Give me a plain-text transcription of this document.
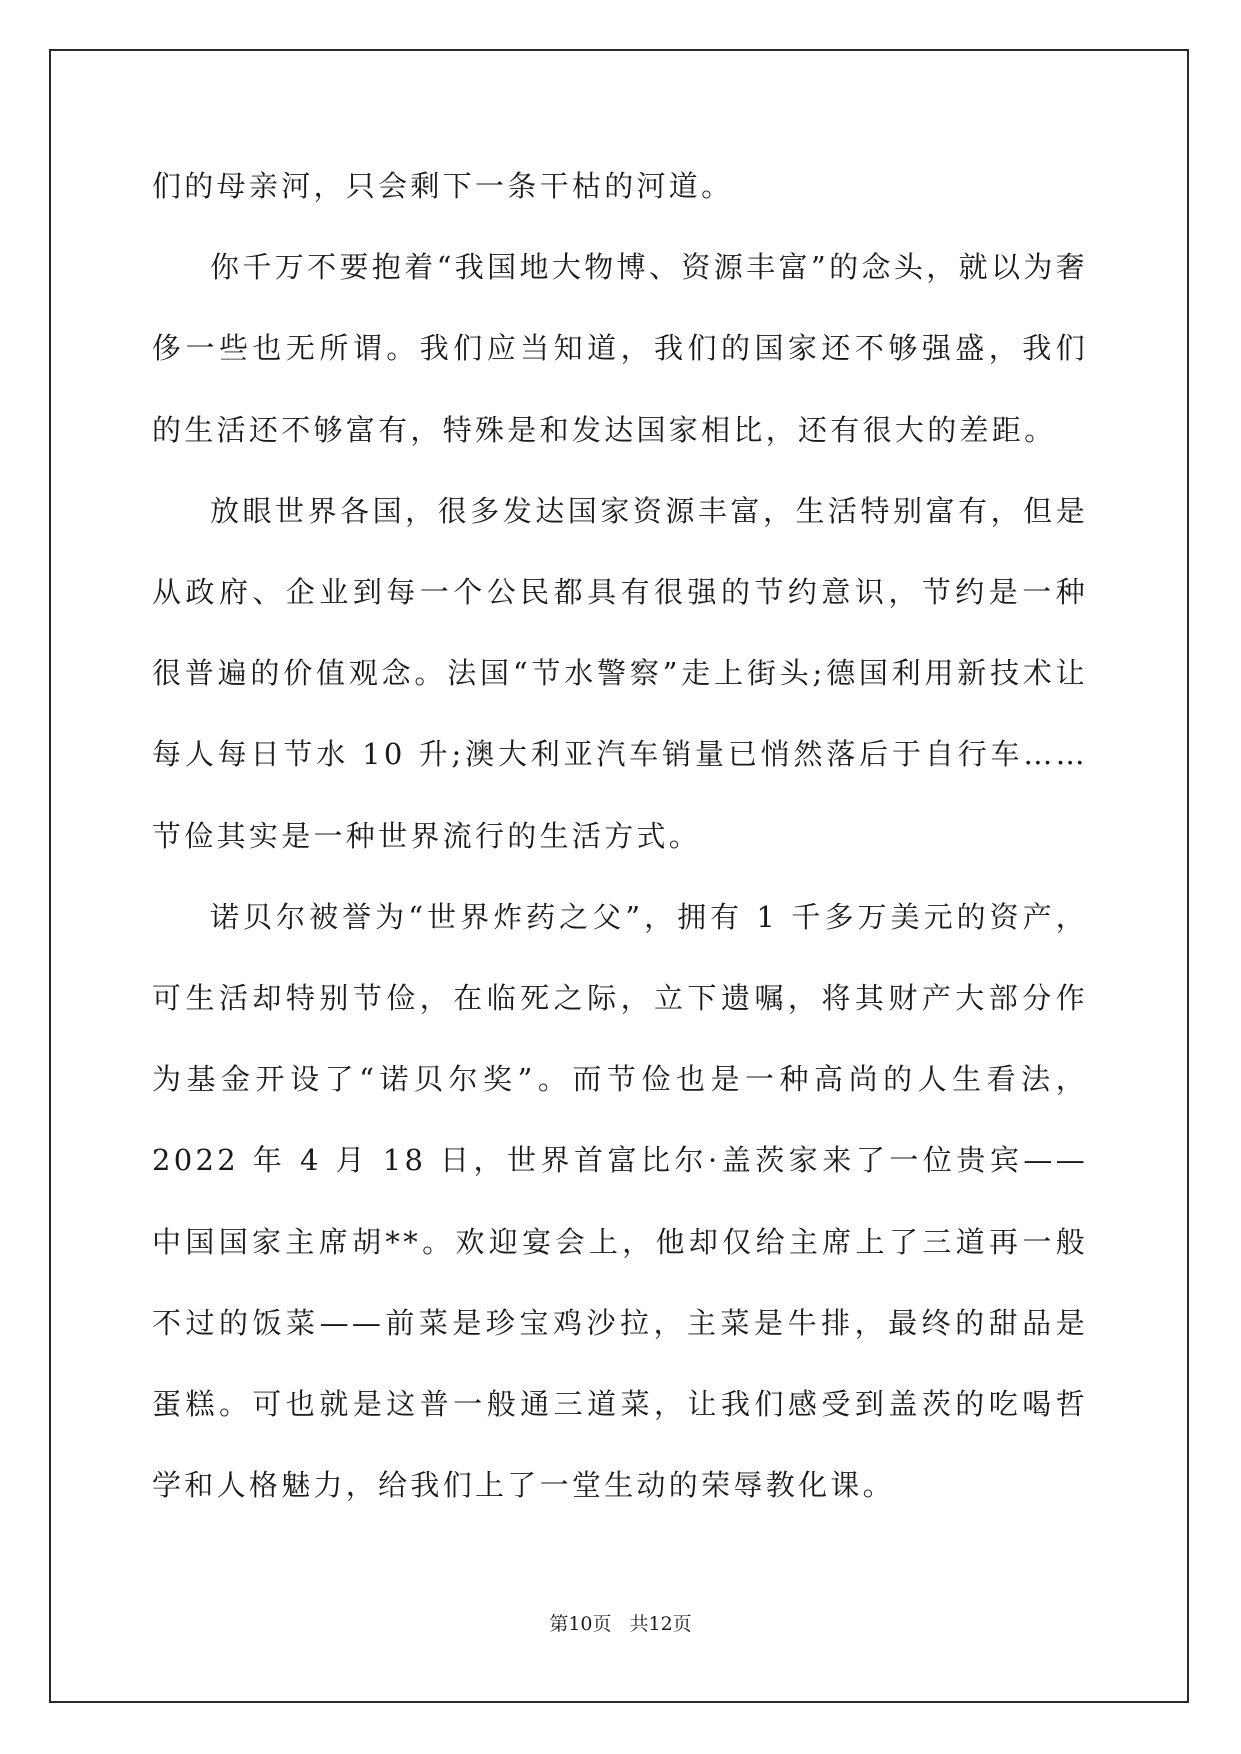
们的母亲河，只会剩下一条干枯的河道。

你千万不要抱着“我国地大物博、资源丰富”的念头，就以为奢侈一些也无所谓。我们应当知道，我们的国家还不够强盛，我们的生活还不够富有，特殊是和发达国家相比，还有很大的差距。

放眼世界各国，很多发达国家资源丰富，生活特别富有，但是从政府、企业到每一个公民都具有很强的节约意识，节约是一种很普遍的价值观念。法国“节水警察”走上街头;德国利用新技术让每人每日节水 10 升;澳大利亚汽车销量已悄然落后于自行车……节俭其实是一种世界流行的生活方式。

诺贝尔被誉为“世界炸药之父”，拥有 1 千多万美元的资产，可生活却特别节俭，在临死之际，立下遗嘱，将其财产大部分作为基金开设了“诺贝尔奖”。而节俭也是一种高尚的人生看法，2022 年 4 月 18 日，世界首富比尔·盖茨家来了一位贵宾——中国国家主席胡**。欢迎宴会上，他却仅给主席上了三道再一般不过的饭菜——前菜是珍宝鸡沙拉，主菜是牛排，最终的甜品是蛋糕。可也就是这普一般通三道菜，让我们感受到盖茨的吃喝哲学和人格魅力，给我们上了一堂生动的荣辱教化课。

第10页 共12页
